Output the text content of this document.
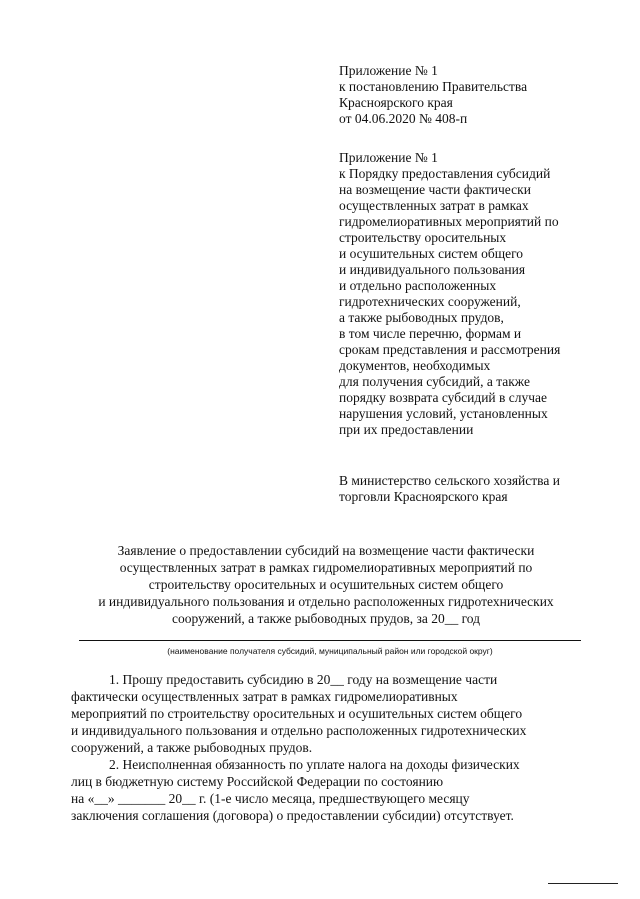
Приложение № 1
к постановлению Правительства
Красноярского края
от 04.06.2020 № 408-п
Приложение № 1
к Порядку предоставления субсидий
на возмещение части фактически
осуществленных затрат в рамках
гидромелиоративных мероприятий по
строительству оросительных
и осушительных систем общего
и индивидуального пользования
и отдельно расположенных
гидротехнических сооружений,
а также рыбоводных прудов,
в том числе перечню, формам и
срокам представления и рассмотрения
документов, необходимых
для получения субсидий, а также
порядку возврата субсидий в случае
нарушения условий, установленных
при их предоставлении
В министерство сельского хозяйства и
торговли Красноярского края
Заявление о предоставлении субсидий на возмещение части фактически
осуществленных затрат в рамках гидромелиоративных мероприятий по
строительству оросительных и осушительных систем общего
и индивидуального пользования и отдельно расположенных гидротехнических
сооружений, а также рыбоводных прудов, за 20__ год
(наименование получателя субсидий, муниципальный район или городской округ)
1. Прошу предоставить субсидию в 20__ году на возмещение части
фактически осуществленных затрат в рамках гидромелиоративных
мероприятий по строительству оросительных и осушительных систем общего
и индивидуального пользования и отдельно расположенных гидротехнических
сооружений, а также рыбоводных прудов.
2. Неисполненная обязанность по уплате налога на доходы физических
лиц в бюджетную систему Российской Федерации по состоянию
на «__» _______ 20__ г. (1-е число месяца, предшествующего месяцу
заключения соглашения (договора) о предоставлении субсидии) отсутствует.
